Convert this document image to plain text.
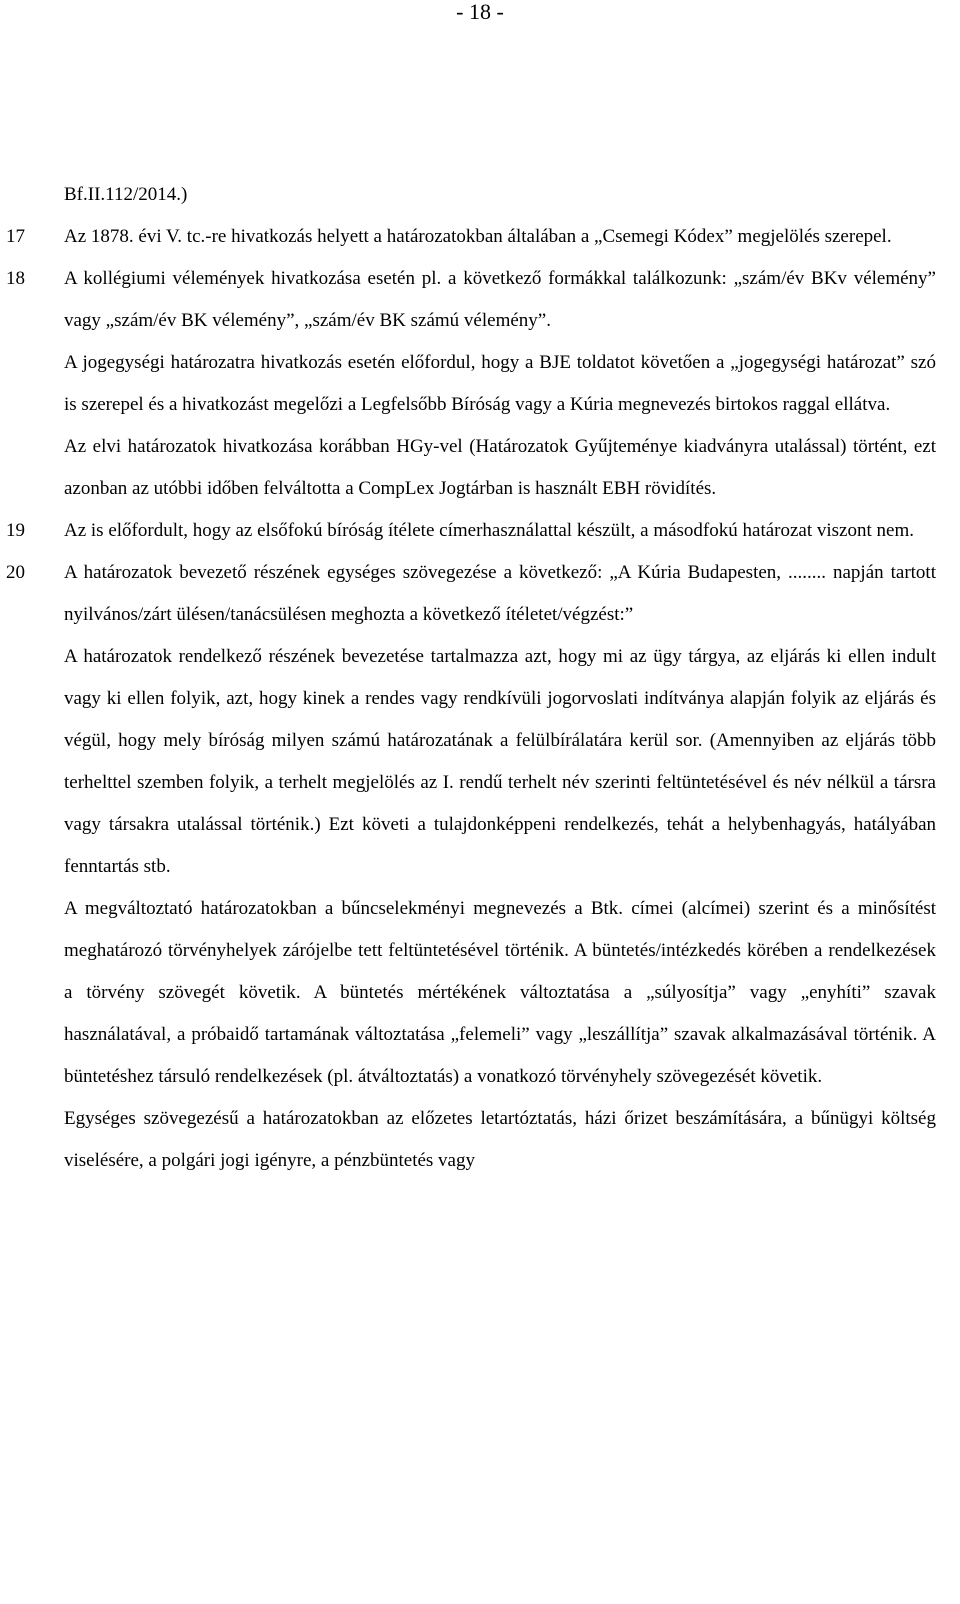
- 18 -

Bf.II.112/2014.)

17 Az 1878. évi V. tc.-re hivatkozás helyett a határozatokban általában a „Csemegi Kódex” megjelölés szerepel.

18 A kollégiumi vélemények hivatkozása esetén pl. a következő formákkal találkozunk: „szám/év BKv vélemény” vagy „szám/év BK vélemény”, „szám/év BK számú vélemény”.

A jogegységi határozatra hivatkozás esetén előfordul, hogy a BJE toldatot követően a „jogegységi határozat” szó is szerepel és a hivatkozást megelőzi a Legfelsőbb Bíróság vagy a Kúria megnevezés birtokos raggal ellátva.

Az elvi határozatok hivatkozása korábban HGy-vel (Határozatok Gyűjteménye kiadványra utalással) történt, ezt azonban az utóbbi időben felváltotta a CompLex Jogtárban is használt EBH rövidítés.

19 Az is előfordult, hogy az elsőfokú bíróság ítélete címerhasználattal készült, a másodfokú határozat viszont nem.

20 A határozatok bevezető részének egységes szövegezése a következő: „A Kúria Budapesten, ........ napján tartott nyilvános/zárt ülésen/tanácsülésen meghozta a következő ítéletet/végzést:”

A határozatok rendelkező részének bevezetése tartalmazza azt, hogy mi az ügy tárgya, az eljárás ki ellen indult vagy ki ellen folyik, azt, hogy kinek a rendes vagy rendkívüli jogorvoslati indítványa alapján folyik az eljárás és végül, hogy mely bíróság milyen számú határozatának a felülbírálatára kerül sor. (Amennyiben az eljárás több terhelttel szemben folyik, a terhelt megjelölés az I. rendű terhelt név szerinti feltüntetésével és név nélkül a társra vagy társakra utalással történik.) Ezt követi a tulajdonképpeni rendelkezés, tehát a helybenhagyás, hatályában fenntartás stb.

A megváltoztató határozatokban a bűncselekményi megnevezés a Btk. címei (alcímei) szerint és a minősítést meghatározó törvényhelyek zárójelbe tett feltüntetésével történik. A büntetés/intézkedés körében a rendelkezések a törvény szövegét követik. A büntetés mértékének változtatása a „súlyosítja” vagy „enyhíti” szavak használatával, a próbaidő tartamának változtatása „felemeli” vagy „leszállítja” szavak alkalmazásával történik. A büntetéshez társuló rendelkezések (pl. átváltoztatás) a vonatkozó törvényhely szövegezését követik.

Egységes szövegezésű a határozatokban az előzetes letartóztatás, házi őrizet beszámítására, a bűnügyi költség viselésére, a polgári jogi igényre, a pénzbüntetés vagy
